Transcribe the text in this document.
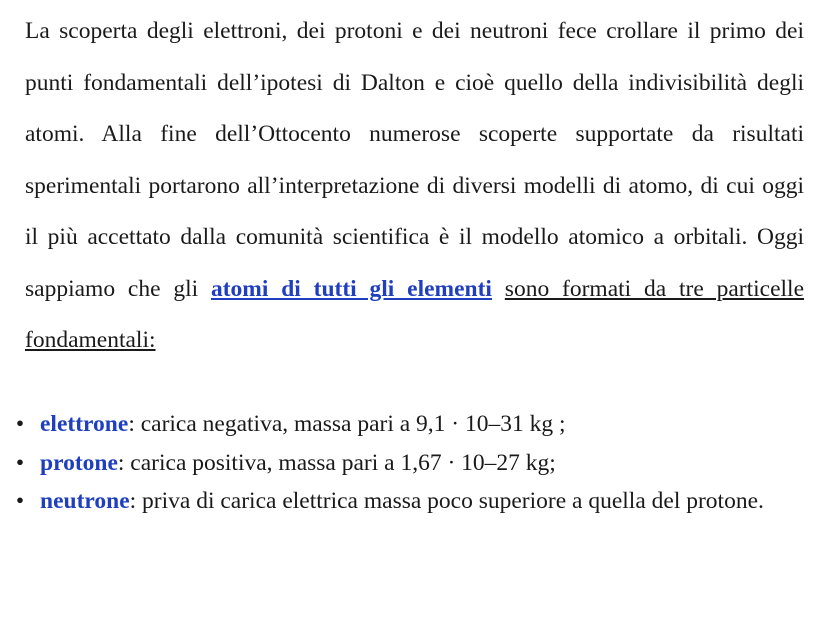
La scoperta degli elettroni, dei protoni e dei neutroni fece crollare il primo dei punti fondamentali dell’ipotesi di Dalton e cioè quello della indivisibilità degli atomi. Alla fine dell’Ottocento numerose scoperte supportate da risultati sperimentali portarono all’interpretazione di diversi modelli di atomo, di cui oggi il più accettato dalla comunità scientifica è il modello atomico a orbitali. Oggi sappiamo che gli atomi di tutti gli elementi sono formati da tre particelle fondamentali:

• elettrone: carica negativa, massa pari a 9,1 · 10–31 kg ;
• protone: carica positiva, massa pari a 1,67 · 10–27 kg;
• neutrone: priva di carica elettrica massa poco superiore a quella del protone.
